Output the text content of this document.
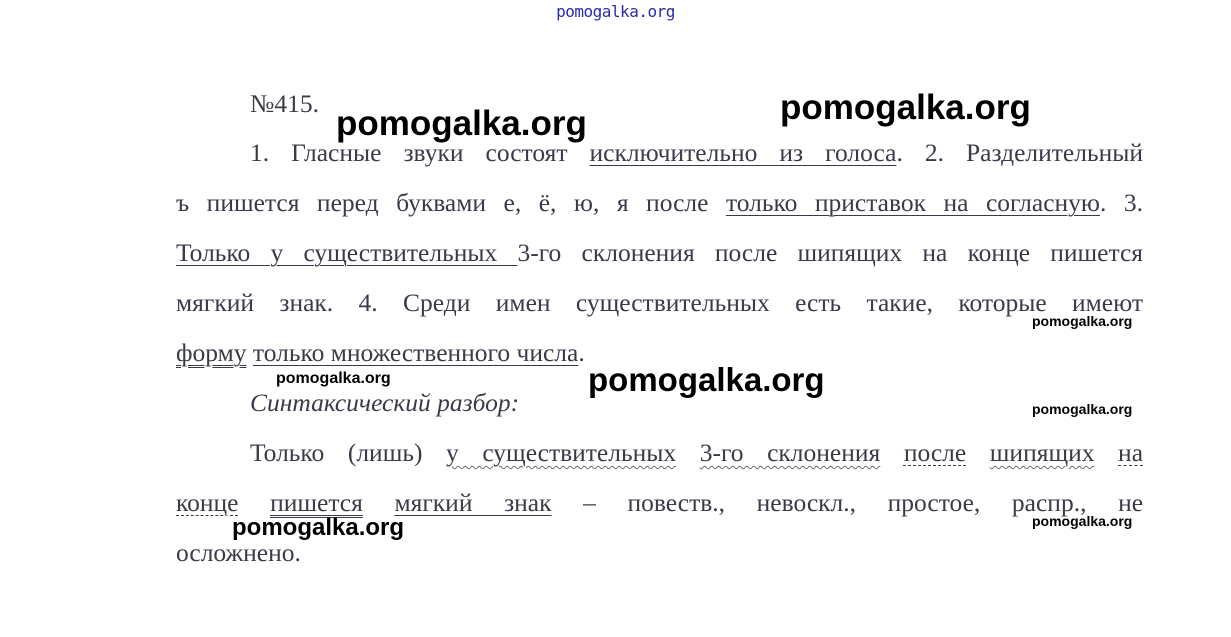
pomogalka.org
№415.
1. Гласные звуки состоят исключительно из голоса. 2. Разделительный
ъ пишется перед буквами е, ё, ю, я после только приставок на согласную. 3.
Только у существительных 3-го склонения после шипящих на конце пишется
мягкий знак. 4. Среди имен существительных есть такие, которые имеют
форму только множественного числа.
Синтаксический разбор:
Только (лишь) у существительных 3-го склонения после шипящих на
конце пишется мягкий знак – повеств., невоскл., простое, распр., не
осложнено.
pomogalka.org	pomogalka.org
pomogalka.org
pomogalka.org	pomogalka.org
pomogalka.org
pomogalka.org	pomogalka.org
